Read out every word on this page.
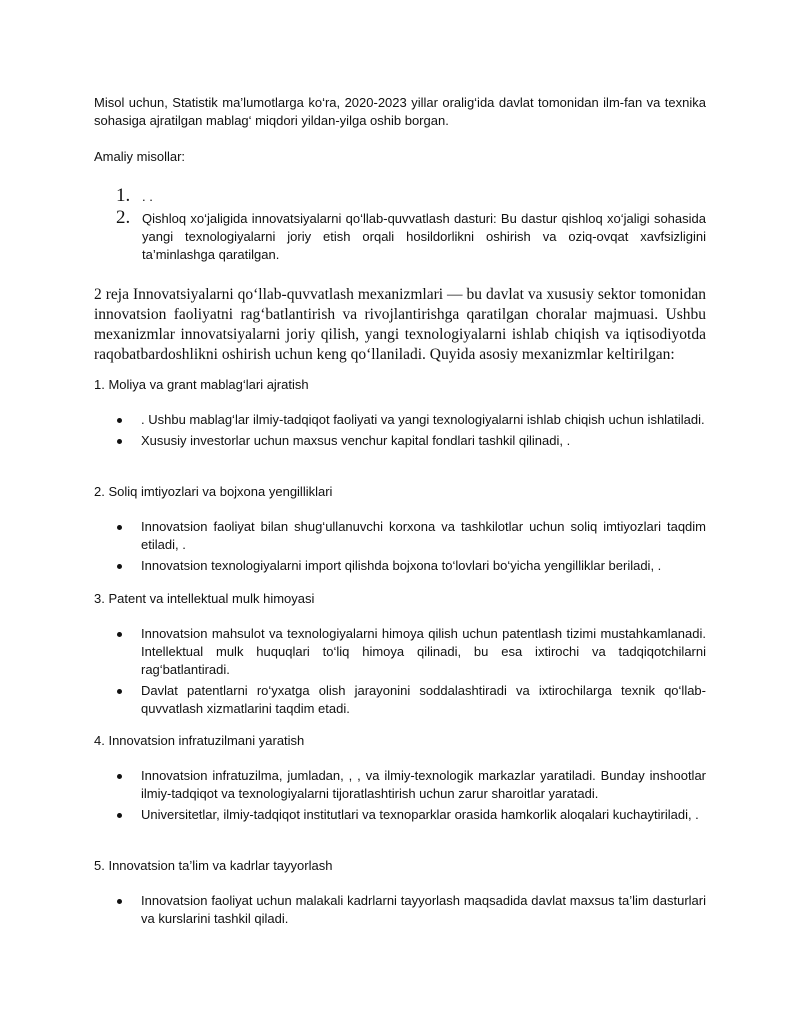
Misol uchun, Statistik ma’lumotlarga ko‘ra, 2020-2023 yillar oralig‘ida davlat tomonidan ilm-fan va texnika sohasiga ajratilgan mablag‘ miqdori yildan-yilga oshib borgan.

Amaliy misollar:

1. . .
2. Qishloq xo‘jaligida innovatsiyalarni qo‘llab-quvvatlash dasturi: Bu dastur qishloq xo‘jaligi sohasida yangi texnologiyalarni joriy etish orqali hosildorlikni oshirish va oziq-ovqat xavfsizligini ta’minlashga qaratilgan.

2 reja Innovatsiyalarni qo‘llab-quvvatlash mexanizmlari — bu davlat va xususiy sektor tomonidan innovatsion faoliyatni rag‘batlantirish va rivojlantirishga qaratilgan choralar majmuasi. Ushbu mexanizmlar innovatsiyalarni joriy qilish, yangi texnologiyalarni ishlab chiqish va iqtisodiyotda raqobatbardoshlikni oshirish uchun keng qo‘llaniladi. Quyida asosiy mexanizmlar keltirilgan:

1. Moliya va grant mablag‘lari ajratish

. Ushbu mablag‘lar ilmiy-tadqiqot faoliyati va yangi texnologiyalarni ishlab chiqish uchun ishlatiladi.
Xususiy investorlar uchun maxsus venchur kapital fondlari tashkil qilinadi, .

2. Soliq imtiyozlari va bojxona yengilliklari

Innovatsion faoliyat bilan shug‘ullanuvchi korxona va tashkilotlar uchun soliq imtiyozlari taqdim etiladi, .
Innovatsion texnologiyalarni import qilishda bojxona to‘lovlari bo‘yicha yengilliklar beriladi, .

3. Patent va intellektual mulk himoyasi

Innovatsion mahsulot va texnologiyalarni himoya qilish uchun patentlash tizimi mustahkamlanadi. Intellektual mulk huquqlari to‘liq himoya qilinadi, bu esa ixtirochi va tadqiqotchilarni rag‘batlantiradi.
Davlat patentlarni ro‘yxatga olish jarayonini soddalashtiradi va ixtirochilarga texnik qo‘llab-quvvatlash xizmatlarini taqdim etadi.

4. Innovatsion infratuzilmani yaratish

Innovatsion infratuzilma, jumladan, , , va ilmiy-texnologik markazlar yaratiladi. Bunday inshootlar ilmiy-tadqiqot va texnologiyalarni tijoratlashtirish uchun zarur sharoitlar yaratadi.
Universitetlar, ilmiy-tadqiqot institutlari va texnoparklar orasida hamkorlik aloqalari kuchaytiriladi, .

5. Innovatsion ta’lim va kadrlar tayyorlash

Innovatsion faoliyat uchun malakali kadrlarni tayyorlash maqsadida davlat maxsus ta’lim dasturlari va kurslarini tashkil qiladi.
